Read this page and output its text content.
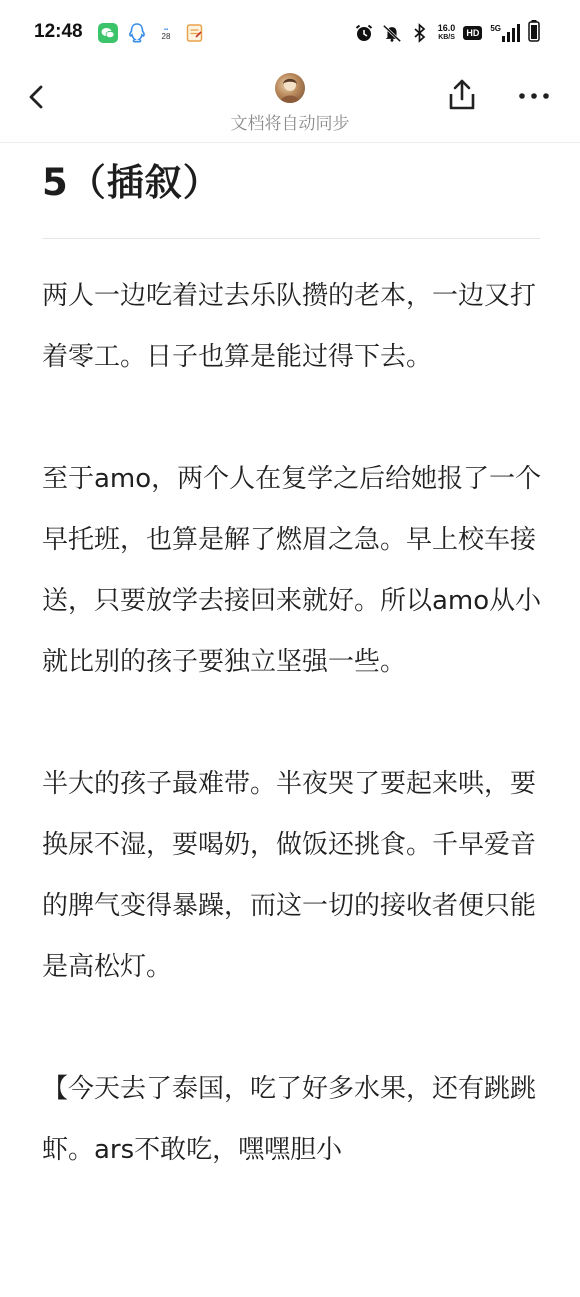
12:48	▪▪
28
16.0
KB/S	HD	5G
文档将自动同步
5（插叙）

两人一边吃着过去乐队攒的老本，一边又打着零工。日子也算是能过得下去。

至于amo，两个人在复学之后给她报了一个早托班，也算是解了燃眉之急。早上校车接送，只要放学去接回来就好。所以amo从小就比别的孩子要独立坚强一些。

半大的孩子最难带。半夜哭了要起来哄，要换尿不湿，要喝奶，做饭还挑食。千早爱音的脾气变得暴躁，而这一切的接收者便只能是高松灯。

【今天去了泰国，吃了好多水果，还有跳跳虾。ars不敢吃，嘿嘿胆小
